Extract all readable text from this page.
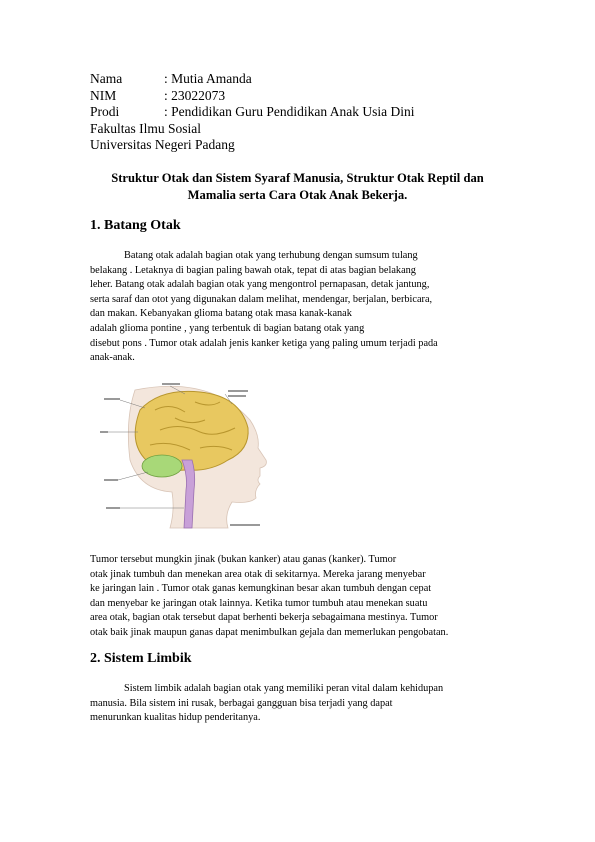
Nama	: Mutia Amanda
NIM	: 23022073
Prodi	: Pendidikan Guru Pendidikan Anak Usia Dini
Fakultas Ilmu Sosial
Universitas Negeri Padang
Struktur Otak dan Sistem Syaraf Manusia, Struktur Otak Reptil dan
Mamalia serta Cara Otak Anak Bekerja.
1. Batang Otak
Batang otak adalah bagian otak yang terhubung dengan sumsum tulang
belakang . Letaknya di bagian paling bawah otak, tepat di atas bagian belakang
leher. Batang otak adalah bagian otak yang mengontrol pernapasan, detak jantung,
serta saraf dan otot yang digunakan dalam melihat, mendengar, berjalan, berbicara,
dan makan. Kebanyakan glioma batang otak masa kanak-kanak
adalah glioma pontine , yang terbentuk di bagian batang otak yang
disebut pons . Tumor otak adalah jenis kanker ketiga yang paling umum terjadi pada
anak-anak.
Tumor tersebut mungkin jinak (bukan kanker) atau ganas (kanker). Tumor
otak jinak tumbuh dan menekan area otak di sekitarnya. Mereka jarang menyebar
ke jaringan lain . Tumor otak ganas kemungkinan besar akan tumbuh dengan cepat
dan menyebar ke jaringan otak lainnya. Ketika tumor tumbuh atau menekan suatu
area otak, bagian otak tersebut dapat berhenti bekerja sebagaimana mestinya. Tumor
otak baik jinak maupun ganas dapat menimbulkan gejala dan memerlukan pengobatan.
2. Sistem Limbik
Sistem limbik adalah bagian otak yang memiliki peran vital dalam kehidupan
manusia. Bila sistem ini rusak, berbagai gangguan bisa terjadi yang dapat
menurunkan kualitas hidup penderitanya.
